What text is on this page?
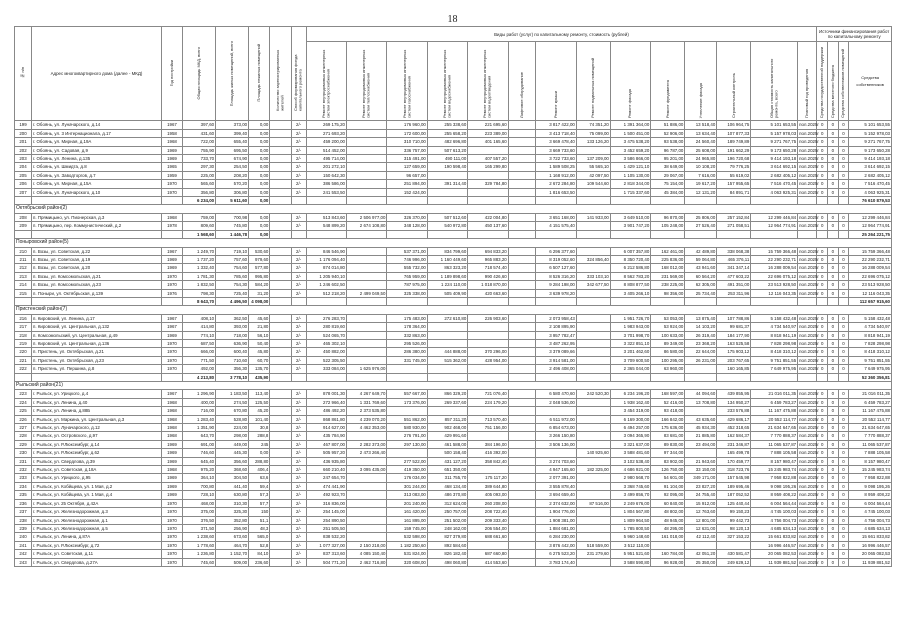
18
№ п/п	Адрес многоквартирного дома (далее - МКД)	Год постройки	Общая площадь МКД, всего	Площадь жилых помещений, всего	Площадь нежилых помещений	Количество зарегистрированных жителей	Способ формирования фонда капитального ремонта	Виды работ (услуг) по капитальному ремонту, стоимость (рублей)														Источники финансирования работ по капитальному ремонту			
								Ремонт внутридомовых инженерных систем электроснабжения	Ремонт внутридомовых инженерных систем теплоснабжения	Ремонт внутридомовых инженерных систем газоснабжения	Ремонт внутридомовых инженерных систем водоснабжения	Ремонт внутридомовых инженерных систем водоотведения	Лифтовое оборудование	Ремонт крыши	Ремонт подвальных помещений	Ремонт фасада	Ремонт фундамента	Утепление фасада	Строительный контроль	Общая стоимость капитального ремонта, всего	Плановый год проведения	Средства государственной поддержки	Средства местного бюджета	Средства собственников помещений	Средства собственников
199	г. Обоянь, ул. Луначарского, д.14	1967	397,60	373,00	0,00		2/-	269 175,20		176 960,00	255 338,60	221 695,60		3 817 422,00	74 351,20	1 391 364,00	51 886,00	13 518,40	106 964,75	5 101 653,55	пол.2025г	0	0	0	5 101 653,55
200	г. Обоянь, ул. 3 Интернационала, д.17	1958	431,60	399,40	0,00		2/-	271 693,20		172 600,00	255 658,20	223 389,00		3 413 718,40	75 099,00	1 500 451,00	52 906,00	13 634,40	107 877,33	5 157 978,03	пол.2025г	0	0	0	5 152 978,03
201	г. Обоянь, ул. Мирная, д.19А	1968	722,00	655,40	0,00		2/-	459 200,00		310 710,00	482 696,80	401 165,60		3 669 478,40	133 126,20	3 475 538,20	93 538,00	24 560,40	189 749,89	9 271 767,75	пол.2025г	0	0	0	9 271 767,75
202	г. Обоянь, ул. Садовая, д.9	1969	755,90	695,50	0,00		2/-	514 452,00		336 757,00	507 613,20			3 669 733,60		3 452 659,20	96 787,00	25 608,00	191 662,29	9 173 650,28	пол.2025г	0	0	0	9 173 650,28
203	г. Обоянь, ул. Ленина, д.135	1969	733,70	674,90	0,00		2/-	495 714,00		315 491,00	490 111,00	407 557,20		3 722 733,60	137 209,00	3 586 866,00	95 201,00	24 965,80	196 720,68	9 414 193,18	пол.2025г	0	0	0	9 414 193,18
204	г. Обоянь, ул. Шмидта, д.8	1965	297,30	254,50	0,00		2/-	201 272,10		127 659,00	190 598,40	165 299,80		1 589 508,25	55 565,10	1 429 121,10	38 649,00	10 108,20	79 776,25	3 614 692,15	пол.2025г	0	0	0	3 614 692,15
205	г. Обоянь, ул. Заводторгов, д.7	1959	225,00	208,20	0,00		2/-	150 642,30		96 657,00				1 168 912,00	42 097,50	1 105 130,00	29 067,00	7 616,00	55 619,02	2 682 405,12	пол.2025г	0	0	0	2 682 405,12
206	г. Обоянь, ул. Мирная, д.15А	1970	565,60	570,20	0,00		2/-	386 586,00		251 894,00	391 314,40	329 784,80		2 672 284,80	109 544,60	2 818 344,00	75 154,00	19 617,20	157 955,65	7 516 470,45	пол.2025г	0	0	0	7 516 470,45
207	г. Обоянь, ул. Луначарского, д.10	1970	356,80	306,80	0,00		2/-	241 553,50		152 424,00				1 816 653,50		1 715 337,60	45 384,00	12 131,20	84 891,71	4 063 925,31	пол.2025г	0	0	0	4 063 925,31
			6 234,00	5 611,60	0,00																				76 610 879,53
Октябрьский район(2)																									
208	п. Прямицыно, ул. Пионерская, д.3	1968	759,00	700,98	0,00		2/-	513 843,60	2 506 977,00	326 370,00	507 512,60	422 004,80		3 651 168,00	141 933,00	3 649 510,00	96 870,00	25 806,00	257 152,84	12 299 446,84	пол.2025г	0	0	0	12 299 446,84
209	п. Прямицыно, пер. Коммунистический, д.2	1978	809,60	745,80	0,00		2/-	548 899,20	2 674 108,80	348 128,00	540 972,80	450 137,60		4 151 575,40		3 901 747,20	105 248,00	27 526,40	271 058,51	12 964 774,91	пол.2025г	0	0	0	12 964 774,91
			1 568,60	1 446,78	0,00																				25 264 221,75
Поныровский район(5)																									
210	п. Возы, ул. Советская, д.22	1967	1 249,70	719,10	530,60		2/-	846 546,90		537 371,00	834 799,60	694 833,20		6 296 377,60		6 007 357,80	162 461,00	42 489,80	338 068,38	15 759 366,48	пол.2025г	0	0	0	15 759 366,48
211	п. Возы, ул. Советская, д.19	1969	1 737,20	757,60	979,60		2/-	1 176 094,40		746 996,00	1 160 449,60	965 883,20		8 319 052,60	324 856,40	8 350 720,40	225 836,00	59 064,80	465 376,11	22 290 232,71	пол.2025г	0	0	0	22 290 232,71
212	п. Возы, ул. Советская, д.20	1969	1 332,40	754,60	577,80		2/-	874 014,80		555 732,00	863 323,20	718 574,40		6 507 127,60		6 212 586,80	168 012,00	43 941,60	341 347,14	16 288 009,54	пол.2025г	0	0	0	16 288 009,54
213	п. Возы, ул. Комсомольская, д.21	1970	1 781,30	785,60	995,80		2/-	1 205 940,10		765 959,00	1 189 898,60	990 426,60		8 526 316,20	333 103,10	8 562 783,20	231 569,00	60 564,20	477 603,22	22 696 075,12	пол.2025г	0	0	0	22 696 075,12
214	п. Возы, ул. Комсомольская, д.23	1970	1 832,50	754,30	584,20		2/-	1 246 602,50		787 975,00	1 224 110,00	1 018 870,00		9 284 198,00	342 677,50	8 808 877,50	238 225,00	62 305,00	491 351,00	23 513 928,50	пол.2025г	0	0	0	23 513 928,50
215	п. Поныри, ул. Октябрьская, д.139	1976	798,30	725,40	31,20		2/-	512 218,20	2 499 049,50	325 338,00	505 409,90	420 663,60		3 639 978,20		3 405 266,10	98 356,00	25 734,40	253 311,96	12 116 043,35	пол.2025г	0	0	0	12 116 043,35
			8 643,70	4 496,50	4 098,00																				112 657 915,60
Пристенский район(7)																									
216	п. Кировский, ул. Ленина, д.17	1967	408,10	362,50	45,60		2/-	276 283,70		175 483,00	272 610,80	226 903,60		2 073 958,43		1 951 726,70	53 053,00	13 875,40	107 788,86	5 158 432,48	пол.2025г	0	0	0	5 158 432,48
217	п. Кировский, ул. Центральная, д.132	1967	414,80	393,00	21,80		2/-	280 819,60		178 364,00				2 108 895,90		1 983 943,00	53 924,00	14 103,20	99 681,37	4 734 540,97	пол.2025г	0	0	0	4 734 540,97
218	п. Комсомольский, ул. Центральная, д.49	1969	774,10	718,00	56,10		2/-	524 065,70		332 863,00				3 957 782,47		3 701 998,70	100 633,00	26 319,40	184 177,90	8 818 941,19	пол.2025г	0	0	0	8 818 941,19
219	п. Кировский, ул. Центральная, д.136	1970	687,50	636,90	50,40		2/-	465 302,10		295 526,00				3 487 262,95		3 322 851,10	89 349,00	23 368,20	163 525,58	7 828 298,98	пол.2025г	0	0	0	7 828 298,98
220	п. Пристень, ул. Октябрьская, д.21	1970	666,00	600,40	45,80		2/-	450 882,00		286 380,00	444 888,00	370 296,00		3 379 089,66		3 201 462,60	86 580,00	22 644,00	175 903,12	8 418 310,12	пол.2025г	0	0	0	8 418 310,12
221	п. Пристень, ул. Октябрьская, д.23	1970	771,50	710,60	60,70		2/-	522 305,50		331 745,00	515 362,00	428 954,00		3 914 581,00		3 709 600,50	100 295,00	26 231,00	203 767,65	9 751 851,55	пол.2025г	0	0	0	9 751 851,55
222	п. Пристень, ул. Першина, д.8	1970	492,00	356,30	135,70		2/-	333 084,00	1 625 976,00					2 496 408,00		2 365 044,00	63 960,00		160 165,85	7 649 975,95	пол.2025г	0	0	0	7 649 975,95
			4 213,80	3 778,10	435,90																				52 360 356,81
Рыльский район(21)																									
223	г. Рыльск, ул. Урицкого, д.4	1967	1 296,90	1 183,50	113,40		2/-	878 001,30	4 267 649,70	557 667,00	866 329,20	721 076,40		6 580 470,60	242 520,30	6 234 196,20	168 597,00	44 094,60	439 855,95	21 016 011,35	пол.2025г	0	0	0	21 016 011,35
224	г. Рыльск, ул. Ленина, д.40	1968	400,00	274,50	125,50		2/-	272 966,40	1 331 769,60	173 376,00	269 337,60	224 179,20		2 048 536,00		1 938 162,40	52 416,00	13 708,80	134 950,27	6 459 783,27	пол.2025г	0	0	0	6 459 783,27
225	г. Рыльск, ул. Ленина, д.88Б	1968	716,00	670,80	45,20		2/-	486 492,20	2 373 535,80							3 454 319,00	93 418,00		233 576,88	11 167 475,88	пол.2025г	0	0	0	11 167 475,88
226	г. Рыльск, ул. Маркина, ул. Центральная, д.3	1968	1 283,40	528,80	101,40		2/-	868 861,80	4 239 070,20	551 862,00	857 311,20	713 570,40		6 511 972,00		6 169 300,00	166 842,00	43 635,60	429 686,17	20 552 114,77	пол.2025г	0	0	0	20 552 114,77
227	г. Рыльск, ул. Луначарского, д.12	1968	1 351,90	224,00	30,8		2/-	914 627,00	4 462 353,00	580 930,00	902 468,00	751 156,00		6 854 673,00		6 494 257,00	175 636,00	45 934,30	452 318,65	21 634 647,65	пол.2025г	0	0	0	21 634 647,65
228	г. Рыльск, ул. Островского, д.97	1968	643,70	298,00	288,8		2/-	435 784,90		276 791,00	429 991,60			3 266 150,80		3 094 365,90	83 681,00	21 885,80	162 584,37	7 770 888,37	пол.2025г	0	0	0	7 770 888,37
229	г. Рыльск, ул. Р.Люксембург, д.14	1969	691,00	449,00	245		2/-	467 807,00	2 282 373,00	297 130,00	461 588,00	384 196,00		3 506 136,00		3 321 637,00	89 830,00	23 494,00	231 346,87	11 065 537,87	пол.2025г	0	0	0	11 065 537,87
230	г. Рыльск, ул. Р.Люксембург, д.62	1969	746,60	445,30	0,00		2/-	505 957,20	2 473 266,40		500 158,40	416 392,00			140 925,60	3 588 481,60	97 344,00		165 499,78	7 888 105,58	пол.2025г	0	0	0	7 888 105,58
231	г. Рыльск, ул. Свердлова, д.39	1969	645,40	356,60	288,80		2/-	436 935,80		277 522,00	431 127,20	358 842,40		3 274 703,60		3 102 538,40	83 902,00	21 943,60	170 459,77	8 157 980,47	пол.2025г	0	0	0	8 157 980,47
232	г. Рыльск, ул. Советская, д.18А	1968	975,20	368,60	406,4		2/-	660 210,40	3 095 435,00	419 350,00	651 350,00			4 947 165,60	182 325,00	4 686 921,00	126 750,00	33 150,00	318 723,76	15 245 983,74	пол.2025г	0	0	0	15 245 983,74
233	г. Рыльск, ул. Урицкого, д.95	1969	364,10	304,50	63,6		2/-	247 654,70		176 034,00	311 755,70	175 117,20		2 077 391,00		2 980 568,70	54 601,00	349 171,00	157 545,98	7 958 822,88	пол.2025г	0	0	0	7 958 822,88
234	г. Рыльск, ул. Кобйщева, ул. 1 Мая, д.2	1969	700,80	441,40	59,4		2/-	474 441,90		301 244,00	468 134,40	389 644,80		3 555 878,40		3 368 745,60	91 104,00	23 827,20	189 695,46	9 098 195,26	пол.2025г	0	0	0	9 098 195,26
235	г. Рыльск, ул. Кобйщева, ул. 1 Мая, д.4	1969	728,10	630,80	57,3		2/-	492 923,70		313 083,00	486 370,80	405 093,00		3 694 659,40		3 499 856,70	92 095,00	24 755,40	187 052,52	8 959 408,22	пол.2025г	0	0	0	8 959 408,22
236	г. Рыльск, ул. 25 Октября, д.42А	1970	468,00	310,30	57,7		2/-	316 836,00		201 240,00	312 624,00	260 208,00		2 374 632,00	87 516,00	2 249 676,00	60 840,00	15 912,00	125 440,44	6 004 564,44	пол.2025г	0	0	0	6 004 564,44
237	г. Рыльск, ул. Железнодорожная, д.3	1970	375,00	325,30	150		2/-	254 145,00		161 420,00	250 757,00	208 722,40		1 904 776,00		1 804 567,80	48 802,00	12 763,60	99 150,23	4 745 100,03	пол.2025г	0	0	0	4 745 100,03
238	г. Рыльск, ул. Железнодорожная, д.1	1970	376,50	352,80	51,1		2/-	254 890,50		161 895,00	251 502,00	209 333,40		1 908 381,00		1 809 964,50	48 945,00	12 801,00	99 442,73	4 756 004,73	пол.2025г	0	0	0	4 756 004,73
239	г. Рыльск, ул. Железнодорожная, д.5	1970	371,50	256,90	48,3		2/-	251 505,50		159 745,00	248 162,00	206 554,00		1 884 681,00		1 785 800,50	48 295,00	12 631,00	98 120,13	4 685 634,13	пол.2025г	0	0	0	4 685 634,13
240	г. Рыльск, ул. Ленина, д.87А	1970	1 238,60	673,60	565,0		2/-	838 532,20		532 598,00	827 379,80	688 661,60		6 284 230,00		5 960 148,60	161 018,00	42 112,40	327 153,22	15 661 833,82	пол.2025г	0	0	0	15 661 833,82
241	г. Рыльск, ул. Р.Люксембург, д.72	1970	1 778,60	464,70	52,8		2/-	1 077 327,00	2 150 218,00	1 182 250,60	892 584,60			3 876 442,00	518 559,00	3 512 110,00				16 996 446,57	пол.2025г	0	0	0	16 996 446,57
242	г. Рыльск, ул. Советская, д.11	1970	1 236,80	1 152,70	84,10		2/-	837 313,60	4 085 150,40	531 824,00	826 182,40	687 660,80		6 275 523,20	231 279,60	5 951 521,60	160 784,00	42 051,20	430 581,47	20 065 082,53	пол.2025г	0	0	0	20 065 082,53
243	г. Рыльск, ул. Свердлова, д.27А	1970	745,60	509,00	236,60		2/-	504 771,20	2 462 716,80	320 608,00	498 060,80	414 553,60		3 783 174,40		3 588 590,80	96 928,00	25 350,00	249 629,12	11 939 881,52	пол.2025г	0	0	0	11 939 881,52
